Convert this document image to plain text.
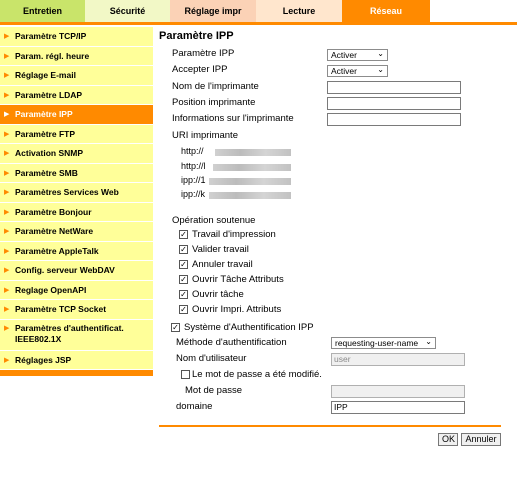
Entretien	Sécurité	Réglage impr	Lecture	Réseau
▶ Paramètre TCP/IP
▶ Param. régl. heure
▶ Réglage E-mail
▶ Paramètre LDAP
▶ Paramètre IPP
▶ Paramètre FTP
▶ Activation SNMP
▶ Paramètre SMB
▶ Paramètres Services Web
▶ Paramètre Bonjour
▶ Paramètre NetWare
▶ Paramètre AppleTalk
▶ Config. serveur WebDAV
▶ Reglage OpenAPI
▶ Paramètre TCP Socket
▶ Paramètres d'authentificat. IEEE802.1X
▶ Réglages JSP
Paramètre IPP
Paramètre IPP	Activer	⌄
Accepter IPP	Activer	⌄
Nom de l'imprimante
Position imprimante
Informations sur l'imprimante
URI imprimante
http://
http://l
ipp://1
ipp://k
Opération soutenue
✓ Travail d'impression
✓ Valider travail
✓ Annuler travail
✓ Ouvrir Tâche Attributs
✓ Ouvrir tâche
✓ Ouvrir Impri. Attributs
✓ Système d'Authentification IPP
Méthode d'authentification	requesting-user-name ⌄
Nom d'utilisateur	user
Le mot de passe a été modifié.
Mot de passe
domaine	IPP
OK	Annuler
